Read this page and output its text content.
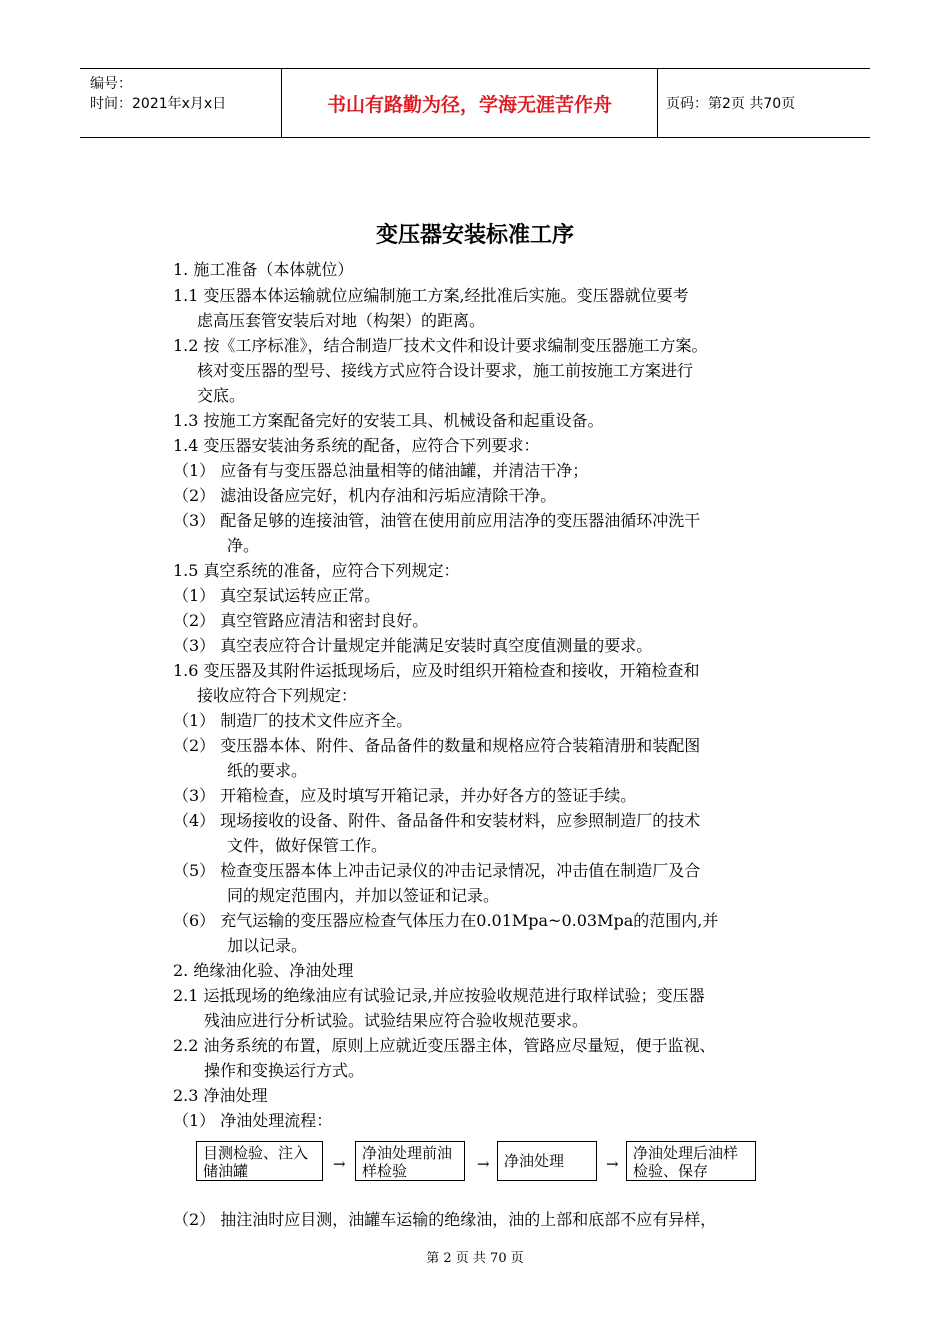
编号：
时间：2021年x月x日	书山有路勤为径，学海无涯苦作舟	页码：第2页 共70页
变压器安装标准工序
1. 施工准备（本体就位）
1.1 变压器本体运输就位应编制施工方案,经批准后实施。变压器就位要考
虑高压套管安装后对地（构架）的距离。
1.2 按《工序标准》，结合制造厂技术文件和设计要求编制变压器施工方案。
核对变压器的型号、接线方式应符合设计要求，施工前按施工方案进行
交底。
1.3 按施工方案配备完好的安装工具、机械设备和起重设备。
1.4 变压器安装油务系统的配备，应符合下列要求：
（1） 应备有与变压器总油量相等的储油罐，并清洁干净；
（2） 滤油设备应完好，机内存油和污垢应清除干净。
（3） 配备足够的连接油管，油管在使用前应用洁净的变压器油循环冲洗干
净。
1.5 真空系统的准备，应符合下列规定：
（1） 真空泵试运转应正常。
（2） 真空管路应清洁和密封良好。
（3） 真空表应符合计量规定并能满足安装时真空度值测量的要求。
1.6 变压器及其附件运抵现场后，应及时组织开箱检查和接收，开箱检查和
接收应符合下列规定：
（1） 制造厂的技术文件应齐全。
（2） 变压器本体、附件、备品备件的数量和规格应符合装箱清册和装配图
纸的要求。
（3） 开箱检查，应及时填写开箱记录，并办好各方的签证手续。
（4） 现场接收的设备、附件、备品备件和安装材料，应参照制造厂的技术
文件，做好保管工作。
（5） 检查变压器本体上冲击记录仪的冲击记录情况，冲击值在制造厂及合
同的规定范围内，并加以签证和记录。
（6） 充气运输的变压器应检查气体压力在0.01Mpa~0.03Mpa的范围内,并
加以记录。
2. 绝缘油化验、净油处理
2.1 运抵现场的绝缘油应有试验记录,并应按验收规范进行取样试验；变压器
残油应进行分析试验。试验结果应符合验收规范要求。
2.2 油务系统的布置，原则上应就近变压器主体，管路应尽量短，便于监视、
操作和变换运行方式。
2.3 净油处理
（1） 净油处理流程：
（2） 抽注油时应目测，油罐车运输的绝缘油，油的上部和底部不应有异样，
目测检验、注入储油罐	→
净油处理前油样检验	→ 净油处理	→
净油处理后油样检验、保存
第 2 页 共 70 页
